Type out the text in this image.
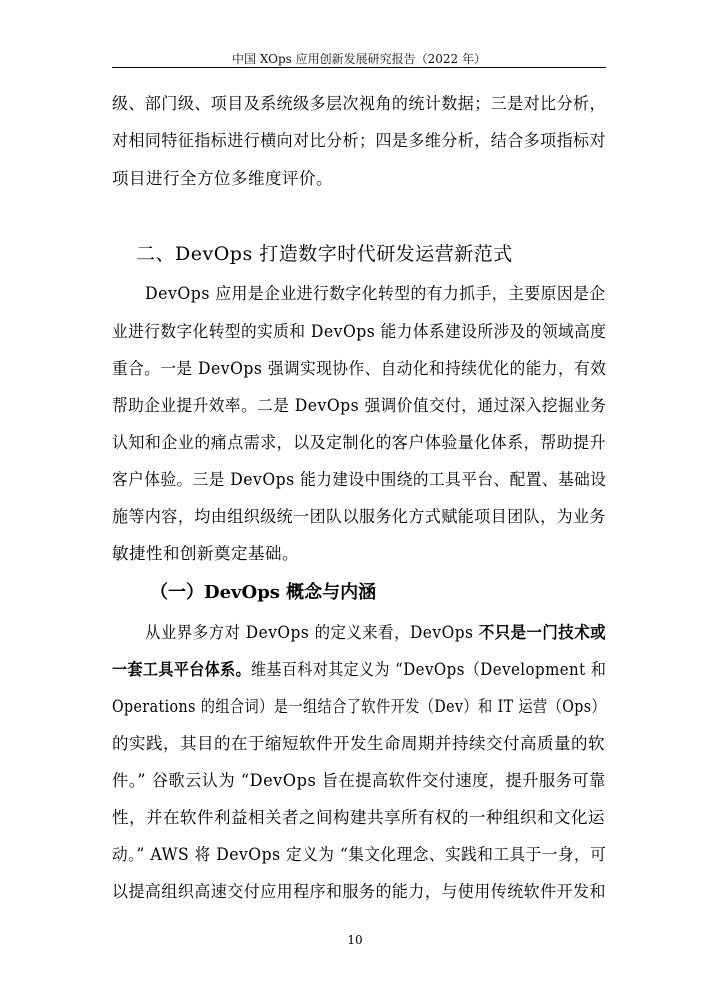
中国 XOps 应用创新发展研究报告（2022 年）
级、部门级、项目及系统级多层次视角的统计数据；三是对比分析，
对相同特征指标进行横向对比分析；四是多维分析，结合多项指标对
项目进行全方位多维度评价。
二、DevOps 打造数字时代研发运营新范式
DevOps 应用是企业进行数字化转型的有力抓手，主要原因是企
业进行数字化转型的实质和 DevOps 能力体系建设所涉及的领域高度
重合。一是 DevOps 强调实现协作、自动化和持续优化的能力，有效
帮助企业提升效率。二是 DevOps 强调价值交付，通过深入挖掘业务
认知和企业的痛点需求，以及定制化的客户体验量化体系，帮助提升
客户体验。三是 DevOps 能力建设中围绕的工具平台、配置、基础设
施等内容，均由组织级统一团队以服务化方式赋能项目团队，为业务
敏捷性和创新奠定基础。
（一）DevOps 概念与内涵
从业界多方对 DevOps 的定义来看，DevOps 不只是一门技术或
一套工具平台体系。维基百科对其定义为 “DevOps（Development 和
Operations 的组合词）是一组结合了软件开发（Dev）和 IT 运营（Ops）
的实践，其目的在于缩短软件开发生命周期并持续交付高质量的软
件。” 谷歌云认为 “DevOps 旨在提高软件交付速度，提升服务可靠
性，并在软件利益相关者之间构建共享所有权的一种组织和文化运
动。” AWS 将 DevOps 定义为 “集文化理念、实践和工具于一身，可
以提高组织高速交付应用程序和服务的能力，与使用传统软件开发和
10
